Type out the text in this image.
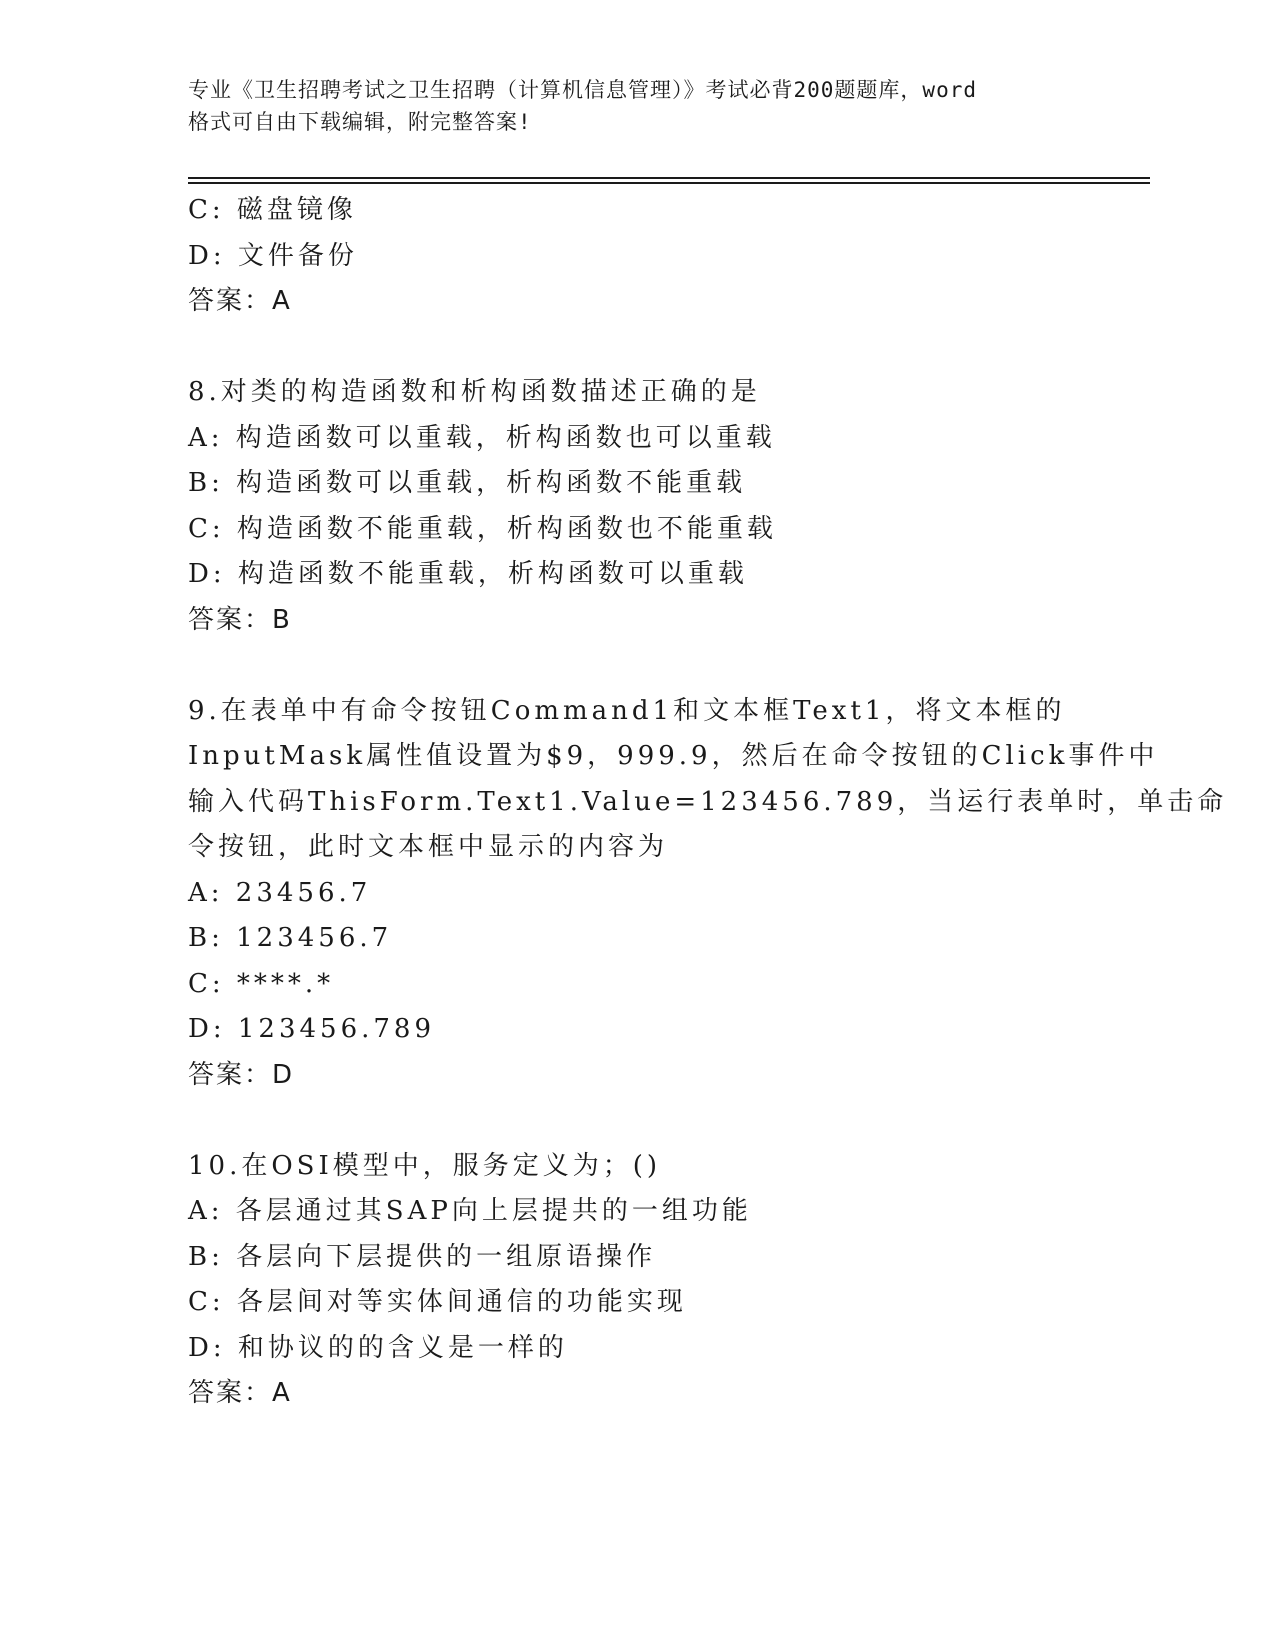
专业《卫生招聘考试之卫生招聘（计算机信息管理）》考试必背200题题库，word
格式可自由下载编辑，附完整答案!
C: 磁盘镜像
D: 文件备份
答案：A
8.对类的构造函数和析构函数描述正确的是
A: 构造函数可以重载，析构函数也可以重载
B: 构造函数可以重载，析构函数不能重载
C: 构造函数不能重载，析构函数也不能重载
D: 构造函数不能重载，析构函数可以重载
答案：B
9.在表单中有命令按钮Command1和文本框Text1，将文本框的
InputMask属性值设置为$9，999.9，然后在命令按钮的Click事件中
输入代码ThisForm.Text1.Value=123456.789，当运行表单时，单击命
令按钮，此时文本框中显示的内容为
A: 23456.7
B: 123456.7
C: ****.*
D: 123456.789
答案：D
10.在OSI模型中，服务定义为；()
A: 各层通过其SAP向上层提共的一组功能
B: 各层向下层提供的一组原语操作
C: 各层间对等实体间通信的功能实现
D: 和协议的的含义是一样的
答案：A
